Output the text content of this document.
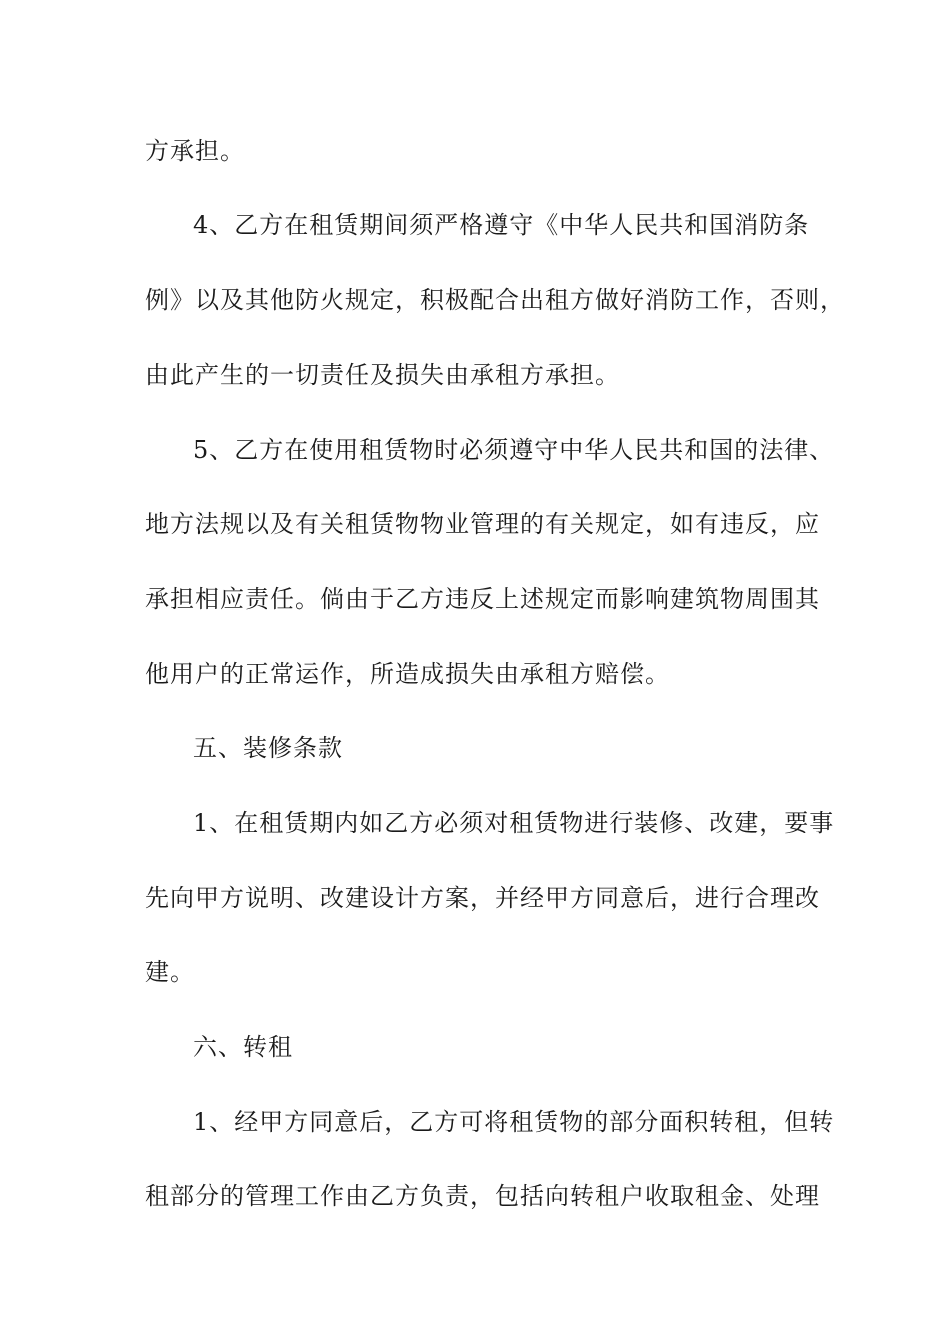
方承担。
4、乙方在租赁期间须严格遵守《中华人民共和国消防条
例》以及其他防火规定，积极配合出租方做好消防工作，否则，
由此产生的一切责任及损失由承租方承担。
5、乙方在使用租赁物时必须遵守中华人民共和国的法律、
地方法规以及有关租赁物物业管理的有关规定，如有违反，应
承担相应责任。倘由于乙方违反上述规定而影响建筑物周围其
他用户的正常运作，所造成损失由承租方赔偿。
五、装修条款
1、在租赁期内如乙方必须对租赁物进行装修、改建，要事
先向甲方说明、改建设计方案，并经甲方同意后，进行合理改
建。
六、转租
1、经甲方同意后，乙方可将租赁物的部分面积转租，但转
租部分的管理工作由乙方负责，包括向转租户收取租金、处理
